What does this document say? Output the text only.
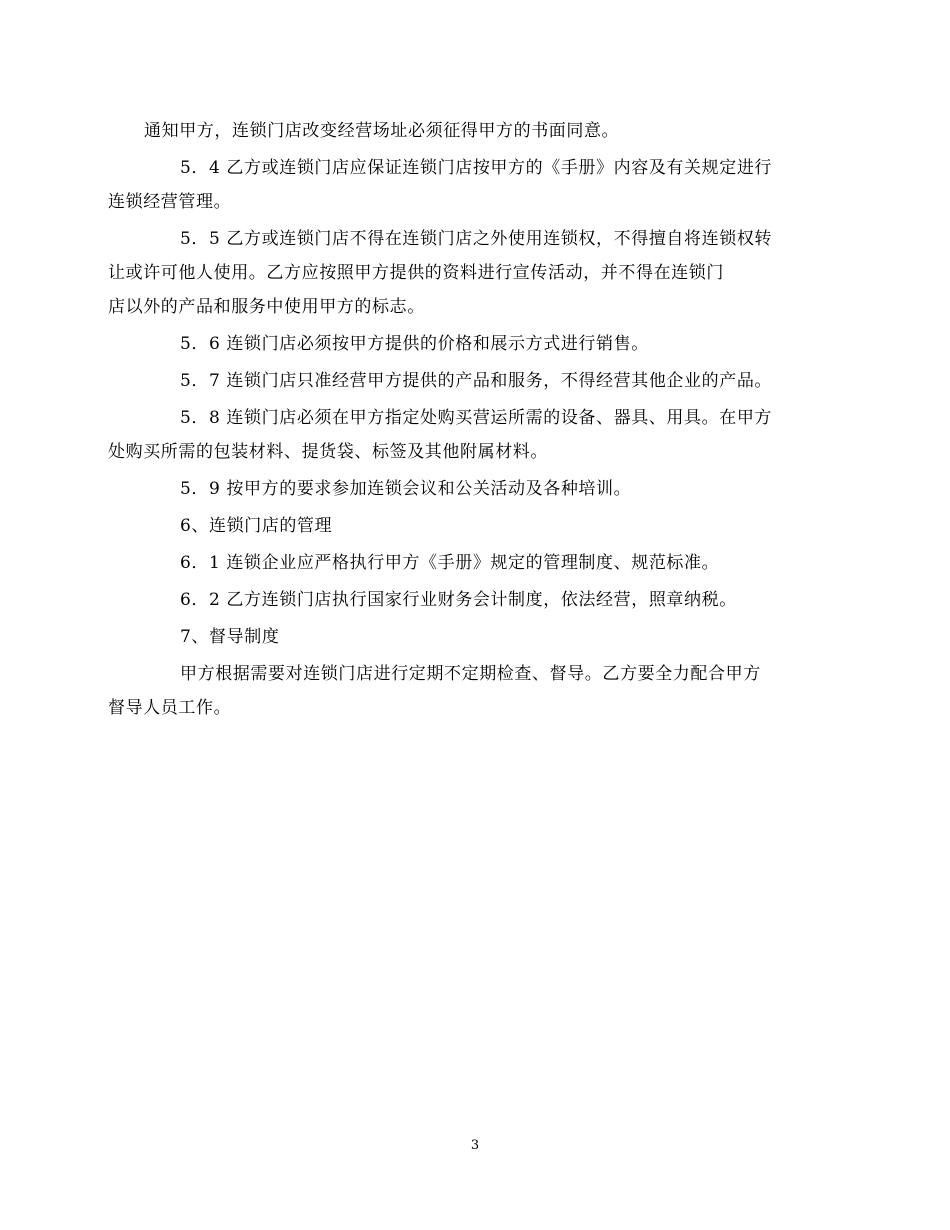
通知甲方，连锁门店改变经营场址必须征得甲方的书面同意。

5．4 乙方或连锁门店应保证连锁门店按甲方的《手册》内容及有关规定进行
连锁经营管理。

5．5 乙方或连锁门店不得在连锁门店之外使用连锁权，不得擅自将连锁权转
让或许可他人使用。乙方应按照甲方提供的资料进行宣传活动，并不得在连锁门
店以外的产品和服务中使用甲方的标志。

5．6 连锁门店必须按甲方提供的价格和展示方式进行销售。

5．7 连锁门店只准经营甲方提供的产品和服务，不得经营其他企业的产品。

5．8 连锁门店必须在甲方指定处购买营运所需的设备、器具、用具。在甲方
处购买所需的包装材料、提货袋、标签及其他附属材料。

5．9 按甲方的要求参加连锁会议和公关活动及各种培训。

6、连锁门店的管理

6．1 连锁企业应严格执行甲方《手册》规定的管理制度、规范标准。

6．2 乙方连锁门店执行国家行业财务会计制度，依法经营，照章纳税。

7、督导制度

甲方根据需要对连锁门店进行定期不定期检查、督导。乙方要全力配合甲方
督导人员工作。

3
